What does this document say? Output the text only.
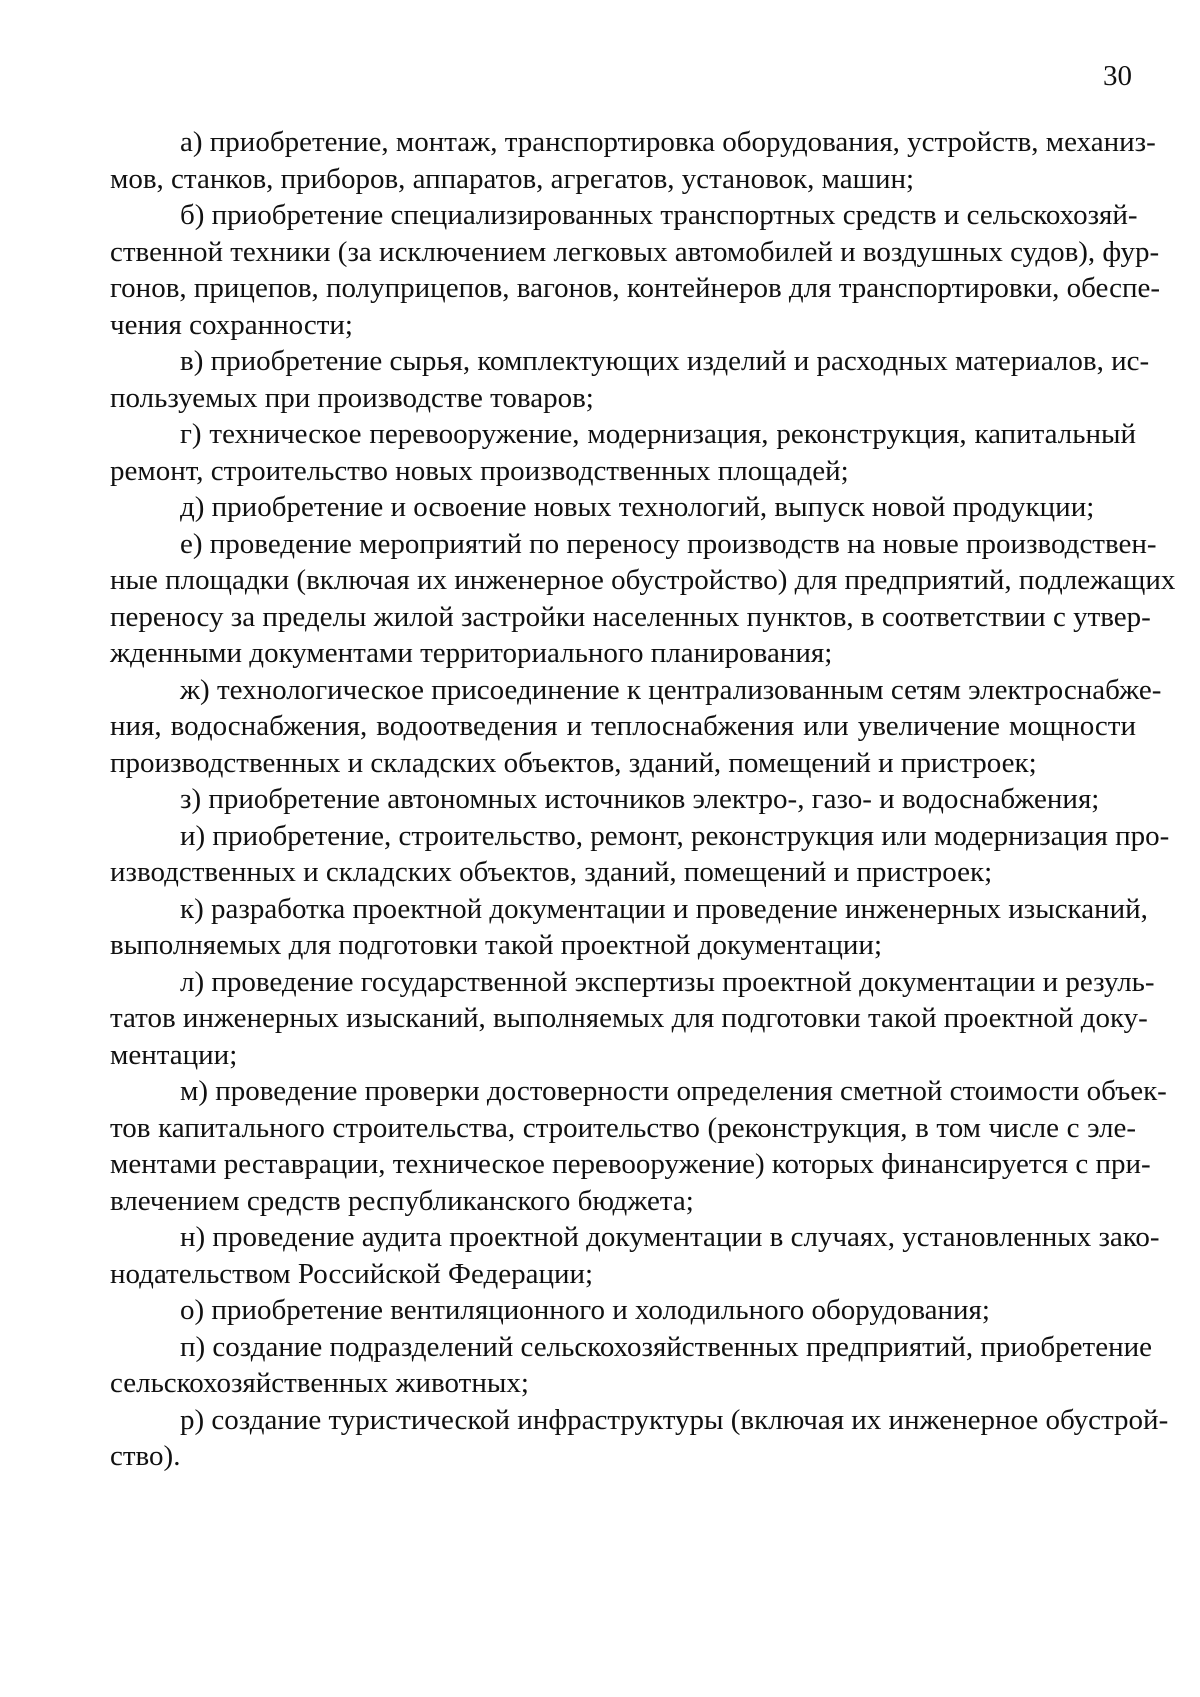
30

а) приобретение, монтаж, транспортировка оборудования, устройств, механиз-
мов, станков, приборов, аппаратов, агрегатов, установок, машин;

б) приобретение специализированных транспортных средств и сельскохозяй-
ственной техники (за исключением легковых автомобилей и воздушных судов), фур-
гонов, прицепов, полуприцепов, вагонов, контейнеров для транспортировки, обеспе-
чения сохранности;

в) приобретение сырья, комплектующих изделий и расходных материалов, ис-
пользуемых при производстве товаров;

г) техническое перевооружение, модернизация, реконструкция, капитальный
ремонт, строительство новых производственных площадей;

д) приобретение и освоение новых технологий, выпуск новой продукции;

е) проведение мероприятий по переносу производств на новые производствен-
ные площадки (включая их инженерное обустройство) для предприятий, подлежащих
переносу за пределы жилой застройки населенных пунктов, в соответствии с утвер-
жденными документами территориального планирования;

ж) технологическое присоединение к централизованным сетям электроснабже-
ния, водоснабжения, водоотведения и теплоснабжения или увеличение мощности
производственных и складских объектов, зданий, помещений и пристроек;

з) приобретение автономных источников электро-, газо- и водоснабжения;

и) приобретение, строительство, ремонт, реконструкция или модернизация про-
изводственных и складских объектов, зданий, помещений и пристроек;

к) разработка проектной документации и проведение инженерных изысканий,
выполняемых для подготовки такой проектной документации;

л) проведение государственной экспертизы проектной документации и резуль-
татов инженерных изысканий, выполняемых для подготовки такой проектной доку-
ментации;

м) проведение проверки достоверности определения сметной стоимости объек-
тов капитального строительства, строительство (реконструкция, в том числе с эле-
ментами реставрации, техническое перевооружение) которых финансируется с при-
влечением средств республиканского бюджета;

н) проведение аудита проектной документации в случаях, установленных зако-
нодательством Российской Федерации;

о) приобретение вентиляционного и холодильного оборудования;

п) создание подразделений сельскохозяйственных предприятий, приобретение
сельскохозяйственных животных;

р) создание туристической инфраструктуры (включая их инженерное обустрой-
ство).
